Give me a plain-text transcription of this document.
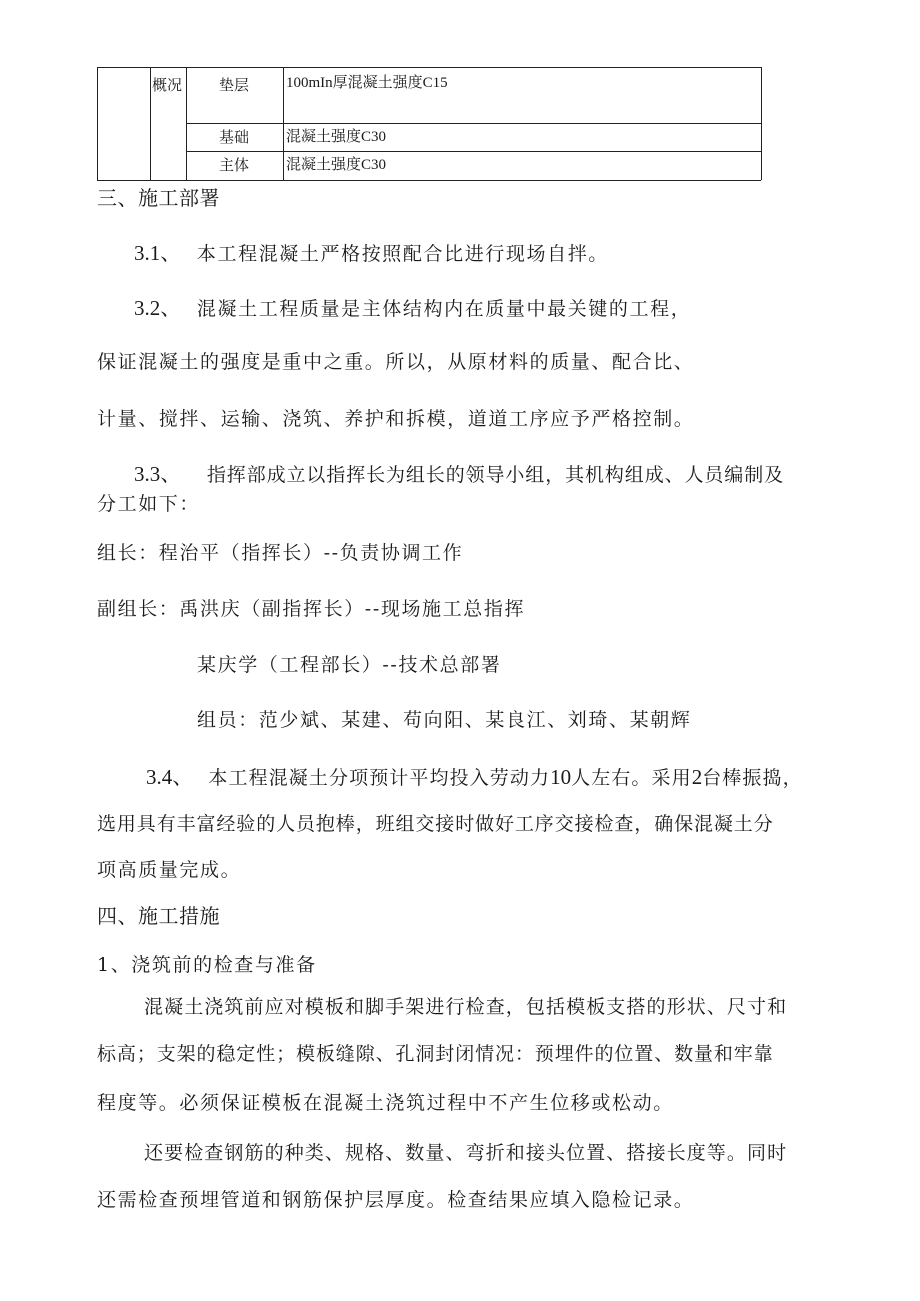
概况 垫层 100mIn厚混凝土强度C15
基础 混凝土强度C30
主体 混凝土强度C30
三、施工部署
3.1、 本工程混凝土严格按照配合比进行现场自拌。
3.2、 混凝土工程质量是主体结构内在质量中最关键的工程，
保证混凝土的强度是重中之重。所以，从原材料的质量、配合比、
计量、搅拌、运输、浇筑、养护和拆模，道道工序应予严格控制。
3.3、 指挥部成立以指挥长为组长的领导小组，其机构组成、人员编制及
分工如下：
组长：程治平（指挥长）--负责协调工作
副组长：禹洪庆（副指挥长）--现场施工总指挥
某庆学（工程部长）--技术总部署
组员：范少斌、某建、苟向阳、某良江、刘琦、某朝辉
3.4、 本工程混凝土分项预计平均投入劳动力10人左右。采用2台棒振捣，
选用具有丰富经验的人员抱棒，班组交接时做好工序交接检查，确保混凝土分
项高质量完成。
四、施工措施
1、浇筑前的检查与准备
混凝土浇筑前应对模板和脚手架进行检查，包括模板支搭的形状、尺寸和
标高；支架的稳定性；模板缝隙、孔洞封闭情况：预埋件的位置、数量和牢靠
程度等。必须保证模板在混凝土浇筑过程中不产生位移或松动。
还要检查钢筋的种类、规格、数量、弯折和接头位置、搭接长度等。同时
还需检查预埋管道和钢筋保护层厚度。检查结果应填入隐检记录。
